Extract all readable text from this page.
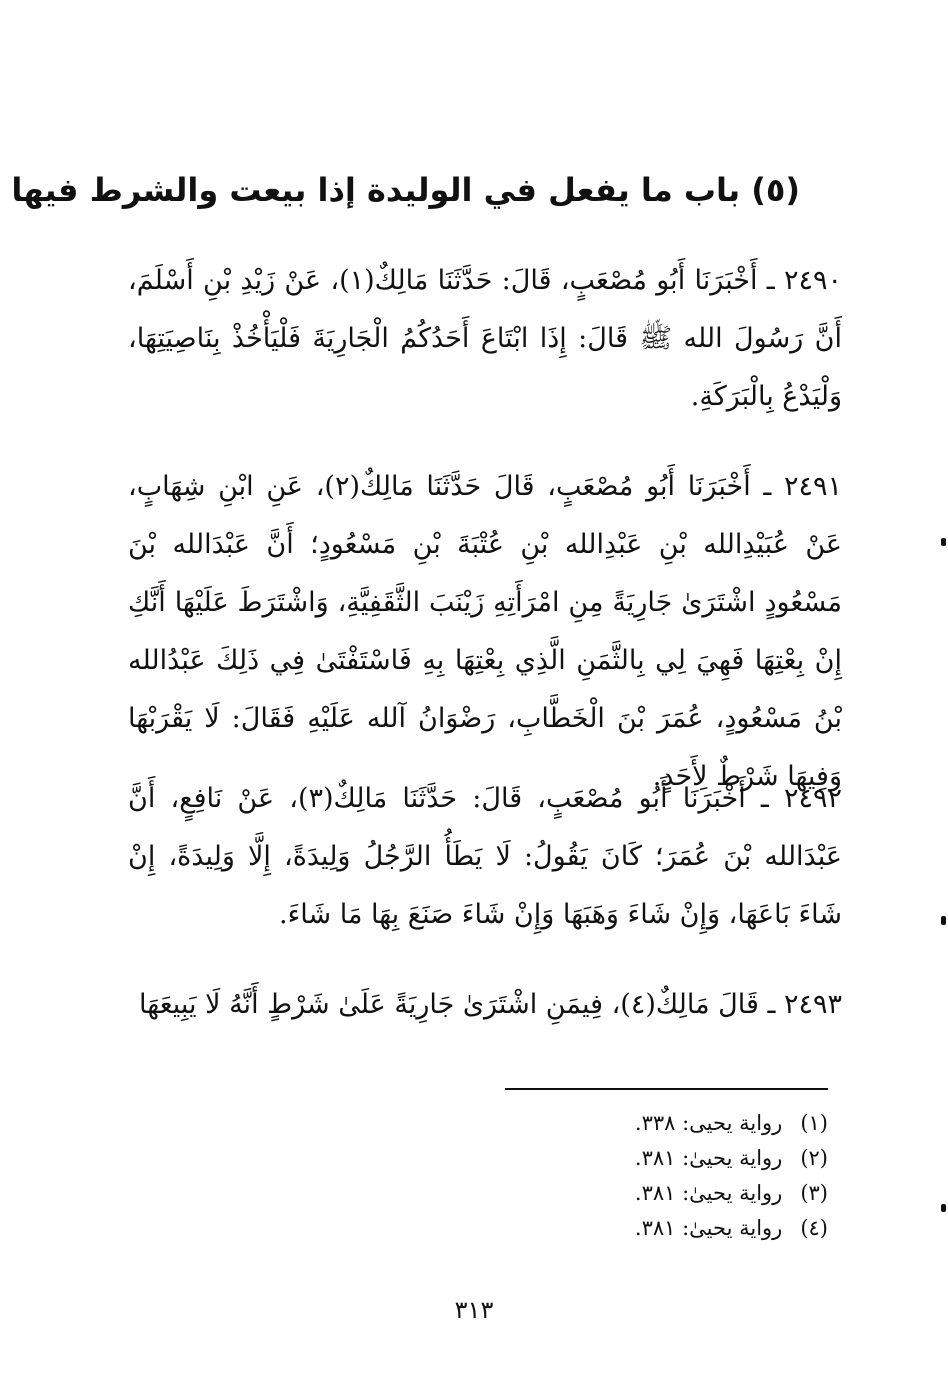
(٥) باب ما يفعل في الوليدة إذا بيعت والشرط فيها
٢٤٩٠ ـ أَخْبَرَنَا أَبُو مُصْعَبٍ، قَالَ: حَدَّثَنَا مَالِكٌ(١)، عَنْ زَيْدِ بْنِ أَسْلَمَ، أَنَّ رَسُولَ الله ﷺ قَالَ: إِذَا ابْتَاعَ أَحَدُكُمُ الْجَارِيَةَ فَلْيَأْخُذْ بِنَاصِيَتِهَا، وَلْيَدْعُ بِالْبَرَكَةِ.
٢٤٩١ ـ أَخْبَرَنَا أَبُو مُصْعَبٍ، قَالَ حَدَّثَنَا مَالِكٌ(٢)، عَنِ ابْنِ شِهَابٍ، عَنْ عُبَيْدِالله بْنِ عَبْدِالله بْنِ عُتْبَةَ بْنِ مَسْعُودٍ؛ أَنَّ عَبْدَالله بْنَ مَسْعُودٍ اشْتَرَىٰ جَارِيَةً مِنِ امْرَأَتِهِ زَيْنَبَ الثَّقَفِيَّةِ، وَاشْتَرَطَ عَلَيْهَا أَنَّكِ إِنْ بِعْتِهَا فَهِيَ لِي بِالثَّمَنِ الَّذِي بِعْتِهَا بِهِ فَاسْتَفْتَىٰ فِي ذَلِكَ عَبْدُالله بْنُ مَسْعُودٍ، عُمَرَ بْنَ الْخَطَّابِ، رَضْوَانُ آلله عَلَيْهِ فَقَالَ: لَا يَقْرَبْهَا وَفِيهَا شَرْطٌ لِأَحَدٍ.
٢٤٩٢ ـ أَخْبَرَنَا أَبُو مُصْعَبٍ، قَالَ: حَدَّثَنَا مَالِكٌ(٣)، عَنْ نَافِعٍ، أَنَّ عَبْدَالله بْنَ عُمَرَ؛ كَانَ يَقُولُ: لَا يَطَأُ الرَّجُلُ وَلِيدَةً، إِلَّا وَلِيدَةً، إِنْ شَاءَ بَاعَهَا، وَإِنْ شَاءَ وَهَبَهَا وَإِنْ شَاءَ صَنَعَ بِهَا مَا شَاءَ.
٢٤٩٣ ـ قَالَ مَالِكٌ(٤)، فِيمَنِ اشْتَرَىٰ جَارِيَةً عَلَىٰ شَرْطٍ أَنَّهُ لَا يَبِيعَهَا
(١)رواية يحيى: ٣٣٨.
(٢)رواية يحيىٰ: ٣٨١.
(٣)رواية يحيىٰ: ٣٨١.
(٤)رواية يحيىٰ: ٣٨١.
٣١٣
